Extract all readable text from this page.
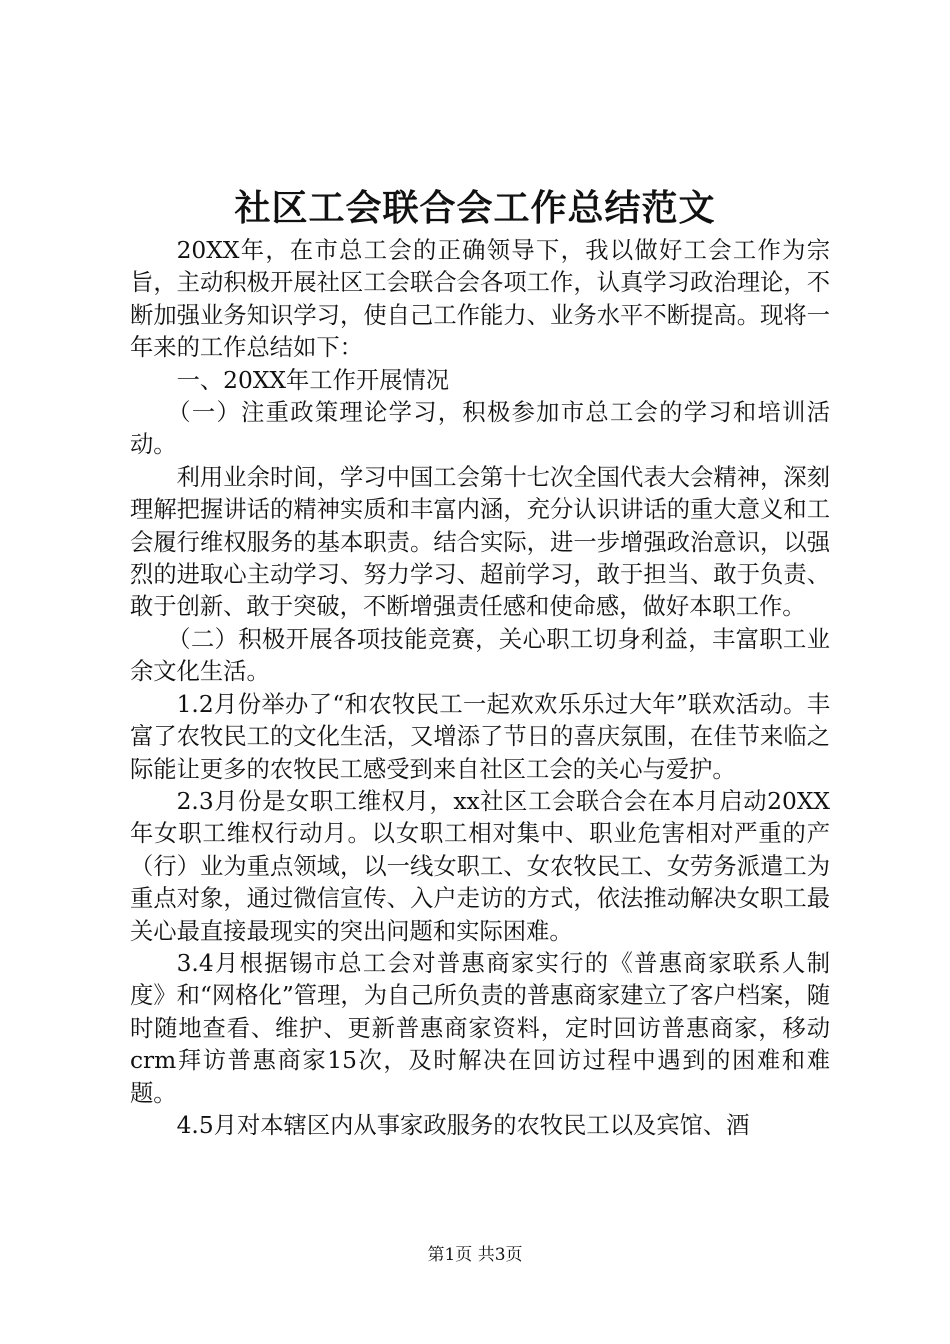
社区工会联合会工作总结范文

20XX年，在市总工会的正确领导下，我以做好工会工作为宗旨，主动积极开展社区工会联合会各项工作，认真学习政治理论，不断加强业务知识学习，使自己工作能力、业务水平不断提高。现将一年来的工作总结如下：

一、20XX年工作开展情况

（一）注重政策理论学习，积极参加市总工会的学习和培训活动。

利用业余时间，学习中国工会第十七次全国代表大会精神，深刻理解把握讲话的精神实质和丰富内涵，充分认识讲话的重大意义和工会履行维权服务的基本职责。结合实际，进一步增强政治意识，以强烈的进取心主动学习、努力学习、超前学习，敢于担当、敢于负责、敢于创新、敢于突破，不断增强责任感和使命感，做好本职工作。

（二）积极开展各项技能竞赛，关心职工切身利益，丰富职工业余文化生活。

1.2月份举办了“和农牧民工一起欢欢乐乐过大年”联欢活动。丰富了农牧民工的文化生活，又增添了节日的喜庆氛围，在佳节来临之际能让更多的农牧民工感受到来自社区工会的关心与爱护。

2.3月份是女职工维权月，xx社区工会联合会在本月启动20XX年女职工维权行动月。以女职工相对集中、职业危害相对严重的产（行）业为重点领域，以一线女职工、女农牧民工、女劳务派遣工为重点对象，通过微信宣传、入户走访的方式，依法推动解决女职工最关心最直接最现实的突出问题和实际困难。

3.4月根据锡市总工会对普惠商家实行的《普惠商家联系人制度》和“网格化”管理，为自己所负责的普惠商家建立了客户档案，随时随地查看、维护、更新普惠商家资料，定时回访普惠商家，移动crm拜访普惠商家15次，及时解决在回访过程中遇到的困难和难题。

4.5月对本辖区内从事家政服务的农牧民工以及宾馆、酒

第1页 共3页
